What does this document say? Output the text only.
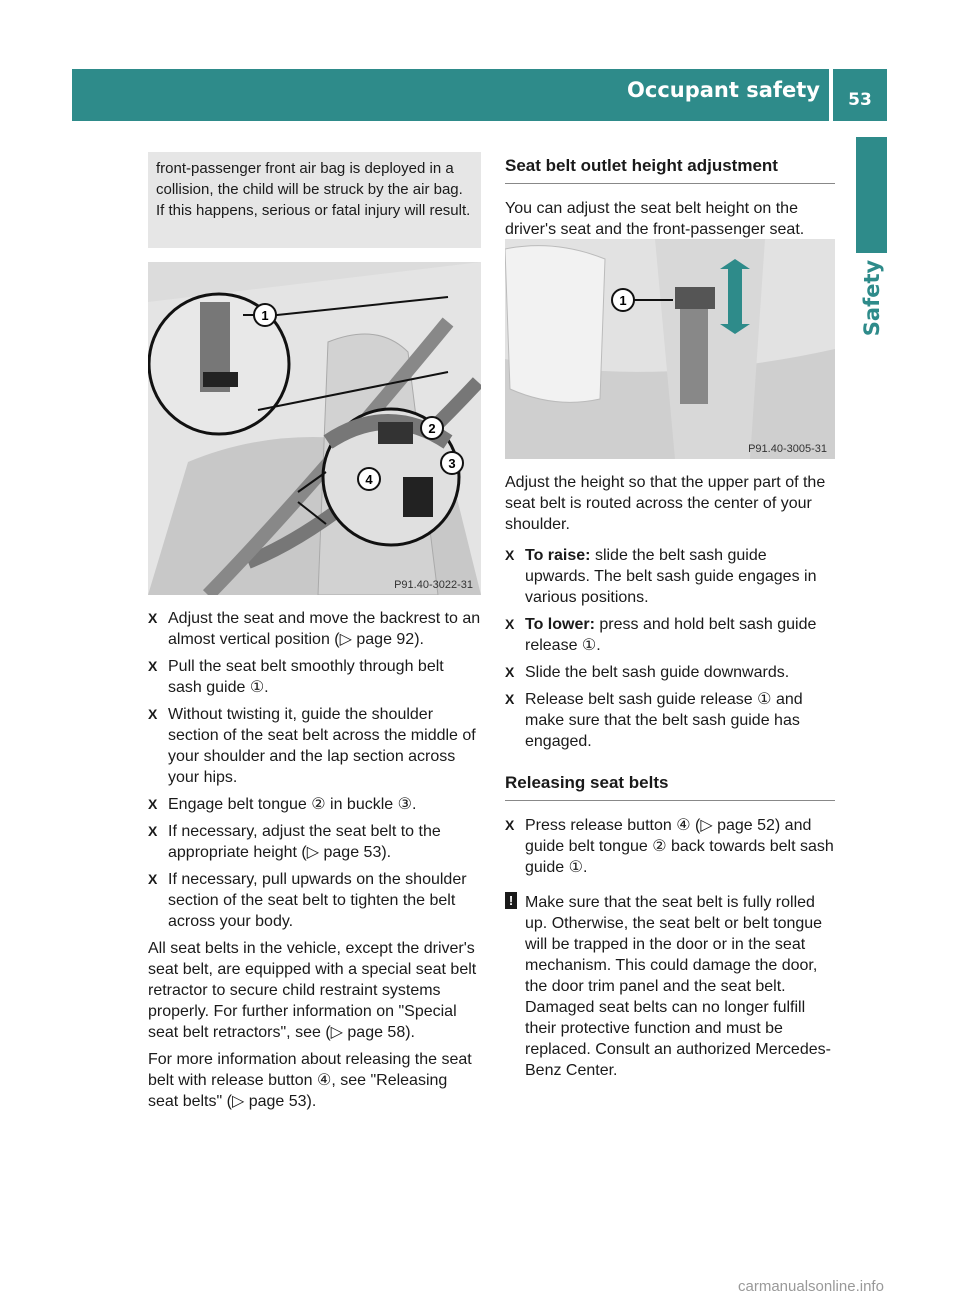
Occupant safety	53
Safety

front-passenger front air bag is deployed in a collision, the child will be struck by the air bag. If this happens, serious or fatal injury will result.

1
2
3
4
P91.40-3022-31
X Adjust the seat and move the backrest to an almost vertical position (▷ page 92).
X Pull the seat belt smoothly through belt sash guide ①.
X Without twisting it, guide the shoulder section of the seat belt across the middle of your shoulder and the lap section across your hips.
X Engage belt tongue ② in buckle ③.
X If necessary, adjust the seat belt to the appropriate height (▷ page 53).
X If necessary, pull upwards on the shoulder section of the seat belt to tighten the belt across your body.

All seat belts in the vehicle, except the driver's seat belt, are equipped with a special seat belt retractor to secure child restraint systems properly. For further information on "Special seat belt retractors", see (▷ page 58).

For more information about releasing the seat belt with release button ④, see "Releasing seat belts" (▷ page 53).

Seat belt outlet height adjustment

You can adjust the seat belt height on the driver's seat and the front-passenger seat.

1
P91.40-3005-31

Adjust the height so that the upper part of the seat belt is routed across the center of your shoulder.

X To raise: slide the belt sash guide upwards. The belt sash guide engages in various positions.
X To lower: press and hold belt sash guide release ①.
X Slide the belt sash guide downwards.
X Release belt sash guide release ① and make sure that the belt sash guide has engaged.
Releasing seat belts
X Press release button ④ (▷ page 52) and guide belt tongue ② back towards belt sash guide ①.
! Make sure that the seat belt is fully rolled up. Otherwise, the seat belt or belt tongue will be trapped in the door or in the seat mechanism. This could damage the door, the door trim panel and the seat belt. Damaged seat belts can no longer fulfill their protective function and must be replaced. Consult an authorized Mercedes-Benz Center.
carmanualsonline.info
